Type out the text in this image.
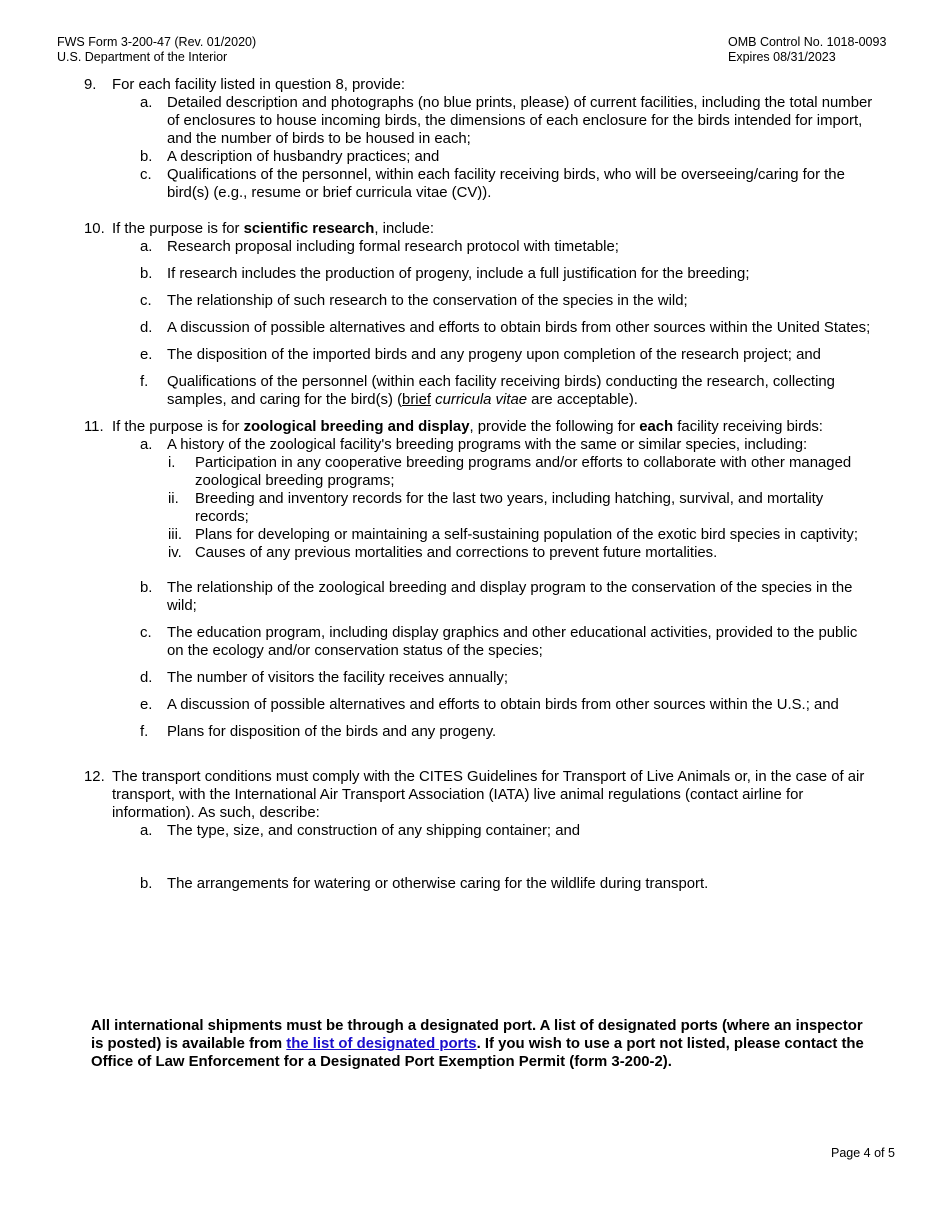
FWS Form 3-200-47 (Rev. 01/2020)
U.S. Department of the Interior
OMB Control No. 1018-0093
Expires 08/31/2023
9. For each facility listed in question 8, provide:
a. Detailed description and photographs (no blue prints, please) of current facilities, including the total number of enclosures to house incoming birds, the dimensions of each enclosure for the birds intended for import, and the number of birds to be housed in each;
b. A description of husbandry practices; and
c.	Qualifications of the personnel, within each facility receiving birds, who will be overseeing/caring for the bird(s) (e.g., resume or brief curricula vitae (CV)).
10. If the purpose is for scientific research, include:
a. Research proposal including formal research protocol with timetable;
b. If research includes the production of progeny, include a full justification for the breeding;
c.	The relationship of such research to the conservation of the species in the wild;
d. A discussion of possible alternatives and efforts to obtain birds from other sources within the United States;
e. The disposition of the imported birds and any progeny upon completion of the research project; and
f.	Qualifications of the personnel (within each facility receiving birds) conducting the research, collecting samples, and caring for the bird(s) (brief curricula vitae are acceptable).
11. If the purpose is for zoological breeding and display, provide the following for each facility receiving birds:
a. A history of the zoological facility's breeding programs with the same or similar species, including:
i. Participation in any cooperative breeding programs and/or efforts to collaborate with other managed zoological breeding programs;
ii. Breeding and inventory records for the last two years, including hatching, survival, and mortality records;
iii. Plans for developing or maintaining a self-sustaining population of the exotic bird species in captivity;
iv. Causes of any previous mortalities and corrections to prevent future mortalities.
b. The relationship of the zoological breeding and display program to the conservation of the species in the wild;
c.	The education program, including display graphics and other educational activities, provided to the public on the ecology and/or conservation status of the species;
d. The number of visitors the facility receives annually;
e. A discussion of possible alternatives and efforts to obtain birds from other sources within the U.S.; and
f.	Plans for disposition of the birds and any progeny.
12. The transport conditions must comply with the CITES Guidelines for Transport of Live Animals or, in the case of air transport, with the International Air Transport Association (IATA) live animal regulations (contact airline for information). As such, describe:
a. The type, size, and construction of any shipping container; and
b. The arrangements for watering or otherwise caring for the wildlife during transport.
All international shipments must be through a designated port. A list of designated ports (where an inspector is posted) is available from the list of designated ports. If you wish to use a port not listed, please contact the Office of Law Enforcement for a Designated Port Exemption Permit (form 3-200-2).
Page 4 of 5
